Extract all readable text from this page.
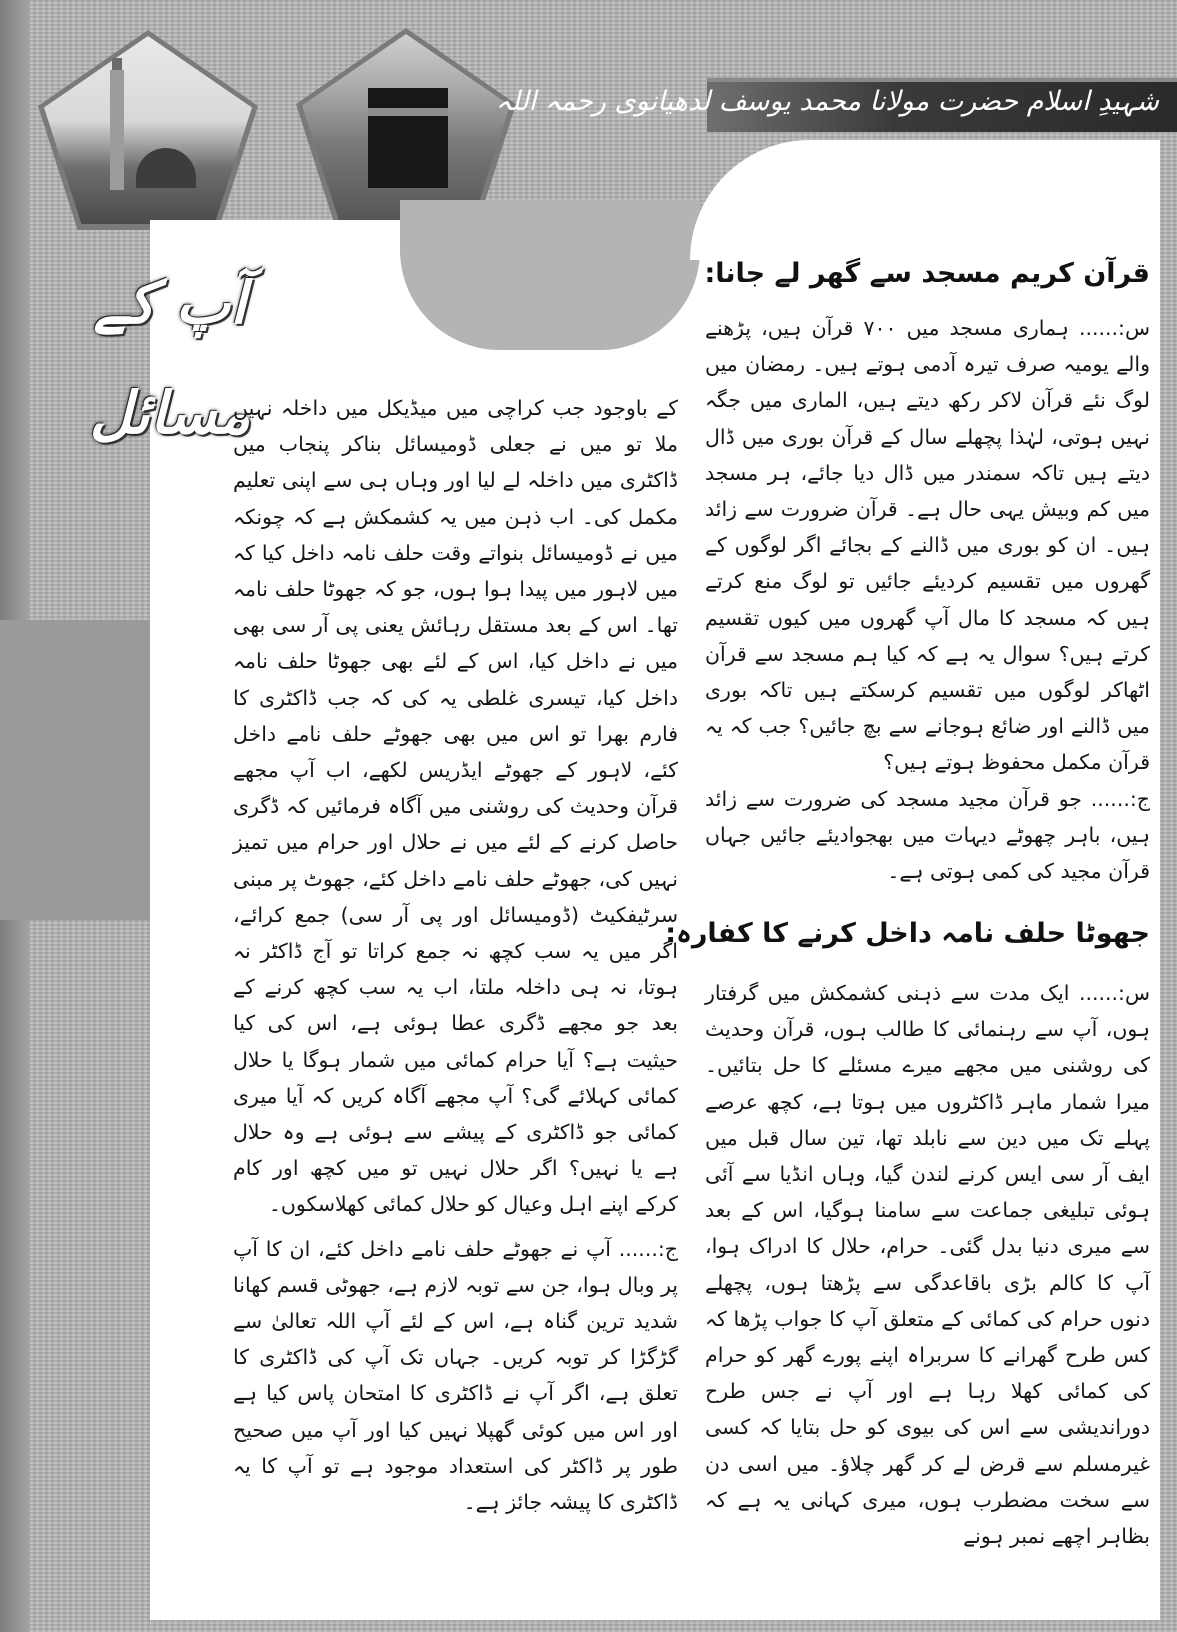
شہیدِ اسلام حضرت مولانا محمد یوسف لدھیانوی رحمہ اللہ
آپ کے مسائل
قرآن کریم مسجد سے گھر لے جانا:

س:...... ہماری مسجد میں ۷۰۰ قرآن ہیں، پڑھنے والے یومیہ صرف تیرہ آدمی ہوتے ہیں۔ رمضان میں لوگ نئے قرآن لاکر رکھ دیتے ہیں، الماری میں جگہ نہیں ہوتی، لہٰذا پچھلے سال کے قرآن بوری میں ڈال دیتے ہیں تاکہ سمندر میں ڈال دیا جائے، ہر مسجد میں کم وبیش یہی حال ہے۔ قرآن ضرورت سے زائد ہیں۔ ان کو بوری میں ڈالنے کے بجائے اگر لوگوں کے گھروں میں تقسیم کردیئے جائیں تو لوگ منع کرتے ہیں کہ مسجد کا مال آپ گھروں میں کیوں تقسیم کرتے ہیں؟ سوال یہ ہے کہ کیا ہم مسجد سے قرآن اٹھاکر لوگوں میں تقسیم کرسکتے ہیں تاکہ بوری میں ڈالنے اور ضائع ہوجانے سے بچ جائیں؟ جب کہ یہ قرآن مکمل محفوظ ہوتے ہیں؟

ج:...... جو قرآن مجید مسجد کی ضرورت سے زائد ہیں، باہر چھوٹے دیہات میں بھجوادیئے جائیں جہاں قرآن مجید کی کمی ہوتی ہے۔

جھوٹا حلف نامہ داخل کرنے کا کفارہ:

س:...... ایک مدت سے ذہنی کشمکش میں گرفتار ہوں، آپ سے رہنمائی کا طالب ہوں، قرآن وحدیث کی روشنی میں مجھے میرے مسئلے کا حل بتائیں۔ میرا شمار ماہر ڈاکٹروں میں ہوتا ہے، کچھ عرصے پہلے تک میں دین سے نابلد تھا، تین سال قبل میں ایف آر سی ایس کرنے لندن گیا، وہاں انڈیا سے آئی ہوئی تبلیغی جماعت سے سامنا ہوگیا، اس کے بعد سے میری دنیا بدل گئی۔ حرام، حلال کا ادراک ہوا، آپ کا کالم بڑی باقاعدگی سے پڑھتا ہوں، پچھلے دنوں حرام کی کمائی کے متعلق آپ کا جواب پڑھا کہ کس طرح گھرانے کا سربراہ اپنے پورے گھر کو حرام کی کمائی کھلا رہا ہے اور آپ نے جس طرح دوراندیشی سے اس کی بیوی کو حل بتایا کہ کسی غیرمسلم سے قرض لے کر گھر چلاؤ۔ میں اسی دن سے سخت مضطرب ہوں، میری کہانی یہ ہے کہ بظاہر اچھے نمبر ہونے

کے باوجود جب کراچی میں میڈیکل میں داخلہ نہیں ملا تو میں نے جعلی ڈومیسائل بناکر پنجاب میں ڈاکٹری میں داخلہ لے لیا اور وہاں ہی سے اپنی تعلیم مکمل کی۔ اب ذہن میں یہ کشمکش ہے کہ چونکہ میں نے ڈومیسائل بنواتے وقت حلف نامہ داخل کیا کہ میں لاہور میں پیدا ہوا ہوں، جو کہ جھوٹا حلف نامہ تھا۔ اس کے بعد مستقل رہائش یعنی پی آر سی بھی میں نے داخل کیا، اس کے لئے بھی جھوٹا حلف نامہ داخل کیا، تیسری غلطی یہ کی کہ جب ڈاکٹری کا فارم بھرا تو اس میں بھی جھوٹے حلف نامے داخل کئے، لاہور کے جھوٹے ایڈریس لکھے، اب آپ مجھے قرآن وحدیث کی روشنی میں آگاہ فرمائیں کہ ڈگری حاصل کرنے کے لئے میں نے حلال اور حرام میں تمیز نہیں کی، جھوٹے حلف نامے داخل کئے، جھوٹ پر مبنی سرٹیفکیٹ (ڈومیسائل اور پی آر سی) جمع کرائے، اگر میں یہ سب کچھ نہ جمع کراتا تو آج ڈاکٹر نہ ہوتا، نہ ہی داخلہ ملتا، اب یہ سب کچھ کرنے کے بعد جو مجھے ڈگری عطا ہوئی ہے، اس کی کیا حیثیت ہے؟ آیا حرام کمائی میں شمار ہوگا یا حلال کمائی کہلائے گی؟ آپ مجھے آگاہ کریں کہ آیا میری کمائی جو ڈاکٹری کے پیشے سے ہوئی ہے وہ حلال ہے یا نہیں؟ اگر حلال نہیں تو میں کچھ اور کام کرکے اپنے اہل وعیال کو حلال کمائی کھلاسکوں۔

ج:...... آپ نے جھوٹے حلف نامے داخل کئے، ان کا آپ پر وبال ہوا، جن سے توبہ لازم ہے، جھوٹی قسم کھانا شدید ترین گناہ ہے، اس کے لئے آپ اللہ تعالیٰ سے گڑگڑا کر توبہ کریں۔ جہاں تک آپ کی ڈاکٹری کا تعلق ہے، اگر آپ نے ڈاکٹری کا امتحان پاس کیا ہے اور اس میں کوئی گھپلا نہیں کیا اور آپ میں صحیح طور پر ڈاکٹر کی استعداد موجود ہے تو آپ کا یہ ڈاکٹری کا پیشہ جائز ہے۔
